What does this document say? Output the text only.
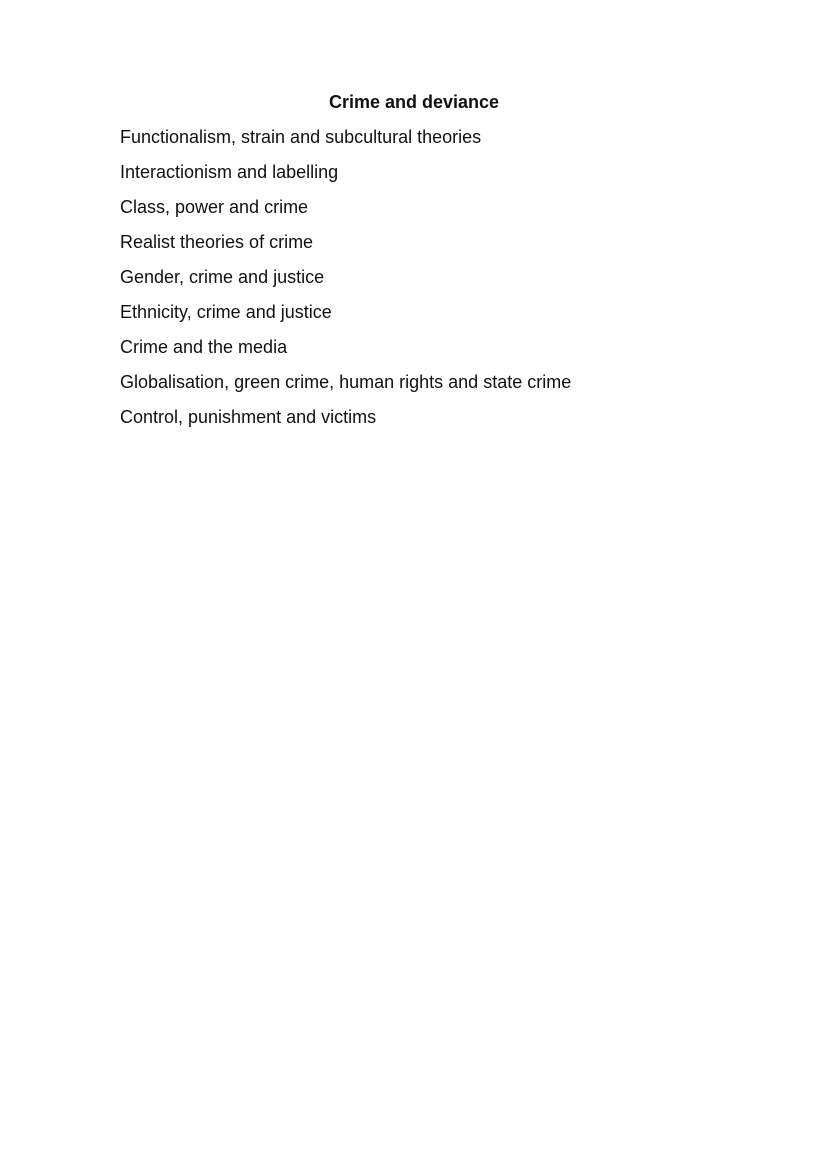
Crime and deviance
Functionalism, strain and subcultural theories
Interactionism and labelling
Class, power and crime
Realist theories of crime
Gender, crime and justice
Ethnicity, crime and justice
Crime and the media
Globalisation, green crime, human rights and state crime
Control, punishment and victims
